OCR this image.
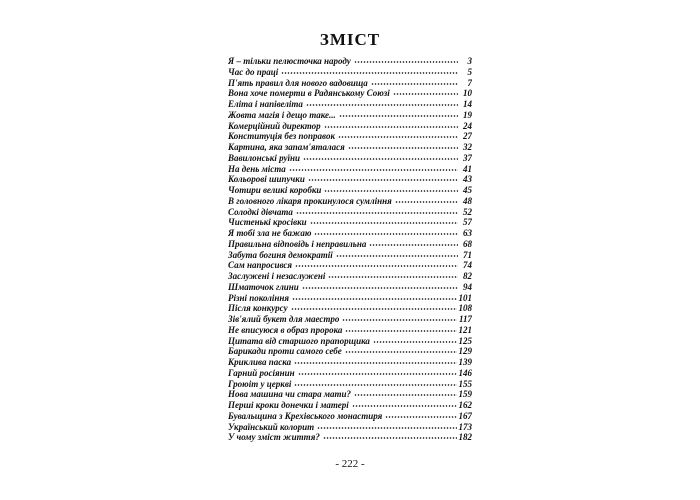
ЗМІСТ
Я – тільки пелюсточка народу	3
Час до праці	5
П'ять правил для нового вадовища	7
Вона хоче померти в Радянському Союзі	10
Еліта і напівеліта	14
Жовта магія і дещо таке...	19
Комерційний директор	24
Конституція без поправок	27
Картина, яка запам'яталася	32
Вавилонські руїни	37
На день міста	41
Кольорові шипучки	43
Чотири великі коробки	45
В головного лікаря прокинулося сумління	48
Солодкі дівчата	52
Чистенькі кросівки	57
Я тобі зла не бажаю	63
Правильна відповідь і неправильна	68
Забута богиня демократії	71
Сам напросився	74
Заслужені і незаслужені	82
Шматочок глини	94
Різні покоління	101
Після конкурсу	108
Зів'ялий букет для маестро	117
Не вписуюся в образ пророка	121
Цитата від старшого прапорщика	125
Барикади проти самого себе	129
Крикливa паска	139
Гарний росіянин	146
Гроюіт у церкві	155
Нова машина чи стара мати?	159
Перші кроки донечки і матері	162
Бувальщина з Крехівського монастиря	167
Український колорит	173
У чому зміст життя?	182
- 222 -
